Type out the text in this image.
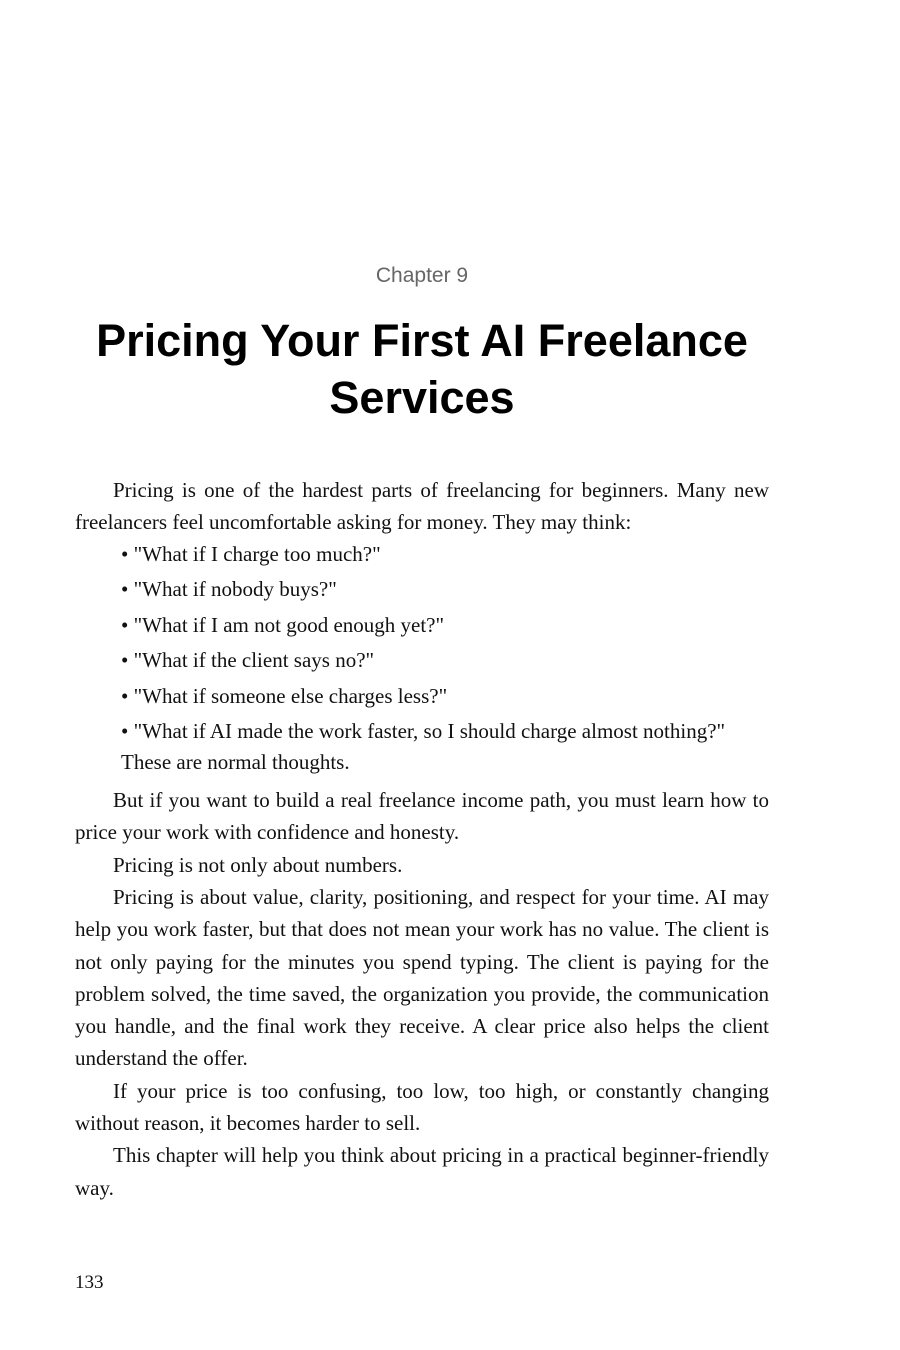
Chapter 9

Pricing Your First AI Freelance Services

Pricing is one of the hardest parts of freelancing for beginners. Many new freelancers feel uncomfortable asking for money. They may think:

• "What if I charge too much?"
• "What if nobody buys?"
• "What if I am not good enough yet?"
• "What if the client says no?"
• "What if someone else charges less?"
• "What if AI made the work faster, so I should charge almost nothing?" These are normal thoughts.

But if you want to build a real freelance income path, you must learn how to price your work with confidence and honesty.

Pricing is not only about numbers.

Pricing is about value, clarity, positioning, and respect for your time. AI may help you work faster, but that does not mean your work has no value. The client is not only paying for the minutes you spend typing. The client is paying for the problem solved, the time saved, the organization you provide, the communication you handle, and the final work they receive. A clear price also helps the client understand the offer.

If your price is too confusing, too low, too high, or constantly changing without reason, it becomes harder to sell.

This chapter will help you think about pricing in a practical beginner-friendly way.

133
